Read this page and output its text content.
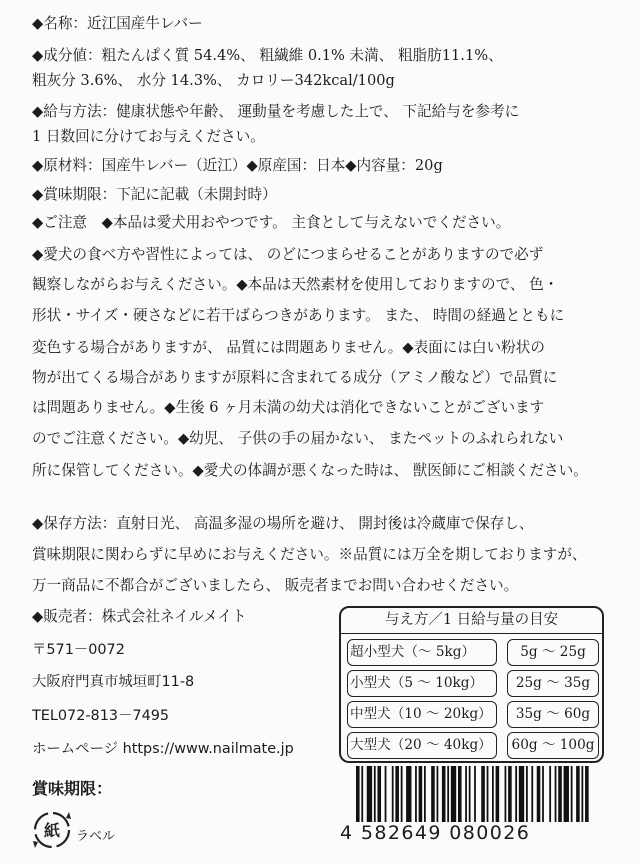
◆名称：近江国産牛レバー

◆成分値：粗たんぱく質 54.4%、 粗繊維 0.1% 未満、 粗脂肪11.1%、

粗灰分 3.6%、 水分 14.3%、 カロリー342kcal/100g

◆給与方法：健康状態や年齢、 運動量を考慮した上で、 下記給与を参考に

1 日数回に分けてお与えください。

◆原材料：国産牛レバー（近江）◆原産国：日本◆内容量：20g

◆賞味期限：下記に記載（未開封時）

◆ご注意　◆本品は愛犬用おやつです。 主食として与えないでください。

◆愛犬の食べ方や習性によっては、 のどにつまらせることがありますので必ず

観察しながらお与えください。◆本品は天然素材を使用しておりますので、 色・

形状・サイズ・硬さなどに若干ばらつきがあります。 また、 時間の経過とともに

変色する場合がありますが、 品質には問題ありません。◆表面には白い粉状の

物が出てくる場合がありますが原料に含まれてる成分（アミノ酸など）で品質に

は問題ありません。◆生後 6 ヶ月未満の幼犬は消化できないことがございます

のでご注意ください。◆幼児、 子供の手の届かない、 またペットのふれられない

所に保管してください。◆愛犬の体調が悪くなった時は、 獣医師にご相談ください。

◆保存方法：直射日光、 高温多湿の場所を避け、 開封後は冷蔵庫で保存し、

賞味期限に関わらずに早めにお与えください。※品質には万全を期しておりますが、

万一商品に不都合がございましたら、 販売者までお問い合わせください。

◆販売者：株式会社ネイルメイト

〒571－0072

大阪府門真市城垣町11-8

TEL072-813－7495

ホームページ https://www.nailmate.jp

与え方／1 日給与量の目安
超小型犬（～ 5kg）	5g ～ 25g
小型犬（5 ～ 10kg）	25g ～ 35g
中型犬（10 ～ 20kg）	35g ～ 60g
大型犬（20 ～ 40kg）	60g ～ 100g
賞味期限：
紙 ラベル	4 582649 080026
